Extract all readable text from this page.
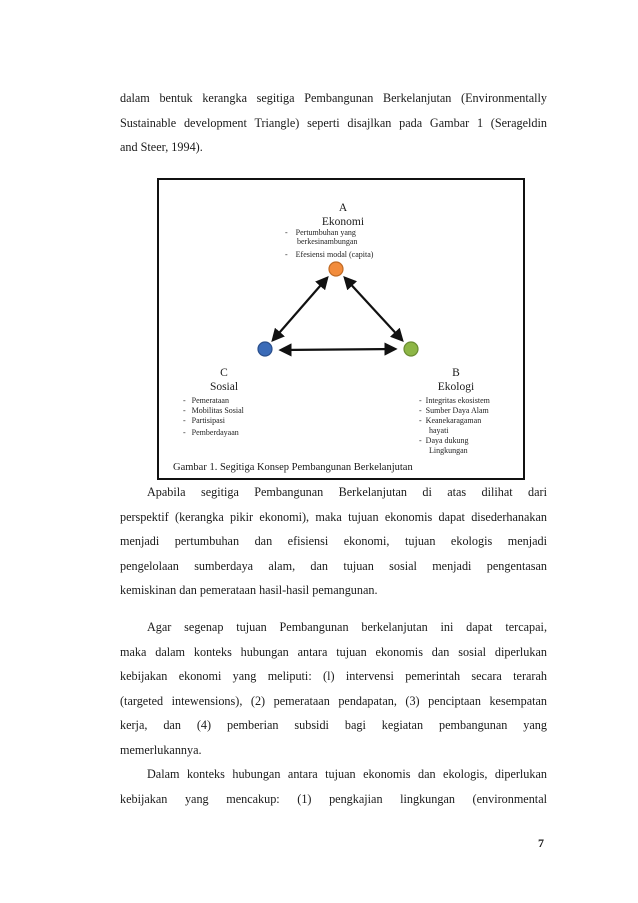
dalam bentuk kerangka segitiga Pembangunan Berkelanjutan (Environmentally
Sustainable development Triangle) seperti disajlkan pada Gambar 1 (Serageldin
and Steer, 1994).
A
Ekonomi
-    Pertumbuhan yang
berkesinambungan
-    Efesiensi modal (capita)
C
Sosial
-   Pemerataan
-   Mobilitas Sosial
-   Partisipasi
-   Pemberdayaan
B
Ekologi
-  Integritas ekosistem
-  Sumber Daya Alam
-  Keanekaragaman
hayati
-  Daya dukung
Lingkungan
Gambar 1. Segitiga Konsep Pembangunan Berkelanjutan
Apabila segitiga Pembangunan Berkelanjutan di atas dilihat dari
perspektif (kerangka pikir ekonomi), maka tujuan ekonomis dapat disederhanakan
menjadi pertumbuhan dan efisiensi ekonomi, tujuan ekologis menjadi
pengelolaan sumberdaya alam, dan tujuan sosial menjadi pengentasan
kemiskinan dan pemerataan hasil-hasil pemangunan.
Agar segenap tujuan Pembangunan berkelanjutan ini dapat tercapai,
maka dalam konteks hubungan antara tujuan ekonomis dan sosial diperlukan
kebijakan ekonomi yang meliputi: (l) intervensi pemerintah secara terarah
(targeted intewensions), (2) pemerataan pendapatan, (3) penciptaan kesempatan
kerja, dan (4) pemberian subsidi bagi kegiatan pembangunan yang
memerlukannya.
Dalam konteks hubungan antara tujuan ekonomis dan ekologis, diperlukan
kebijakan yang mencakup: (1) pengkajian lingkungan (environmental
7
